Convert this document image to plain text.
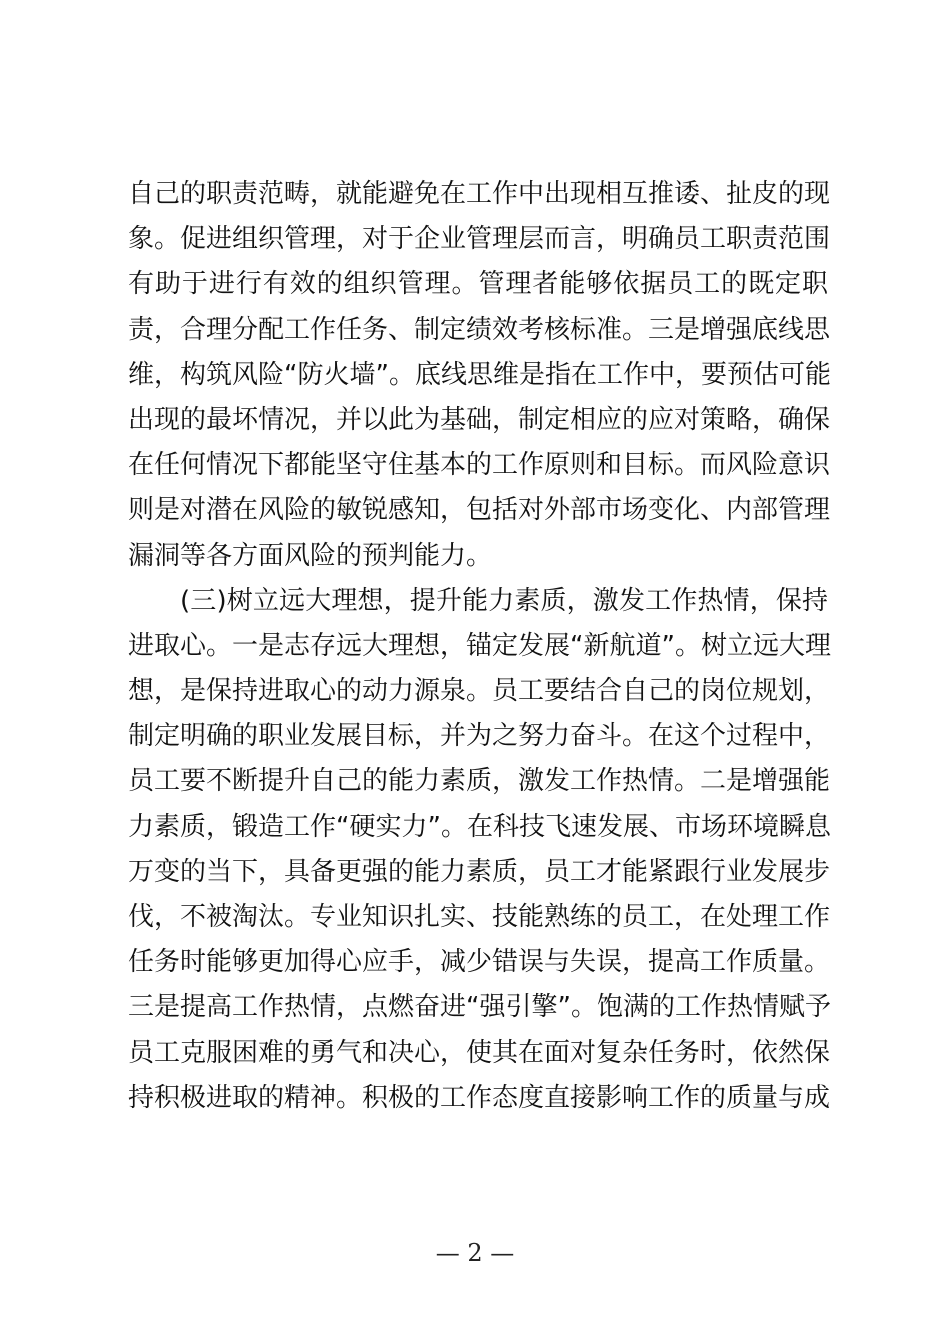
自己的职责范畴，就能避免在工作中出现相互推诿、扯皮的现
象。促进组织管理，对于企业管理层而言，明确员工职责范围
有助于进行有效的组织管理。管理者能够依据员工的既定职
责，合理分配工作任务、制定绩效考核标准。三是增强底线思
维，构筑风险“防火墙”。底线思维是指在工作中，要预估可能
出现的最坏情况，并以此为基础，制定相应的应对策略，确保
在任何情况下都能坚守住基本的工作原则和目标。而风险意识
则是对潜在风险的敏锐感知，包括对外部市场变化、内部管理
漏洞等各方面风险的预判能力。
(三)树立远大理想，提升能力素质，激发工作热情，保持
进取心。一是志存远大理想，锚定发展“新航道”。树立远大理
想，是保持进取心的动力源泉。员工要结合自己的岗位规划，
制定明确的职业发展目标，并为之努力奋斗。在这个过程中，
员工要不断提升自己的能力素质，激发工作热情。二是增强能
力素质，锻造工作“硬实力”。在科技飞速发展、市场环境瞬息
万变的当下，具备更强的能力素质，员工才能紧跟行业发展步
伐，不被淘汰。专业知识扎实、技能熟练的员工，在处理工作
任务时能够更加得心应手，减少错误与失误，提高工作质量。
三是提高工作热情，点燃奋进“强引擎”。饱满的工作热情赋予
员工克服困难的勇气和决心，使其在面对复杂任务时，依然保
持积极进取的精神。积极的工作态度直接影响工作的质量与成
— 2 —
